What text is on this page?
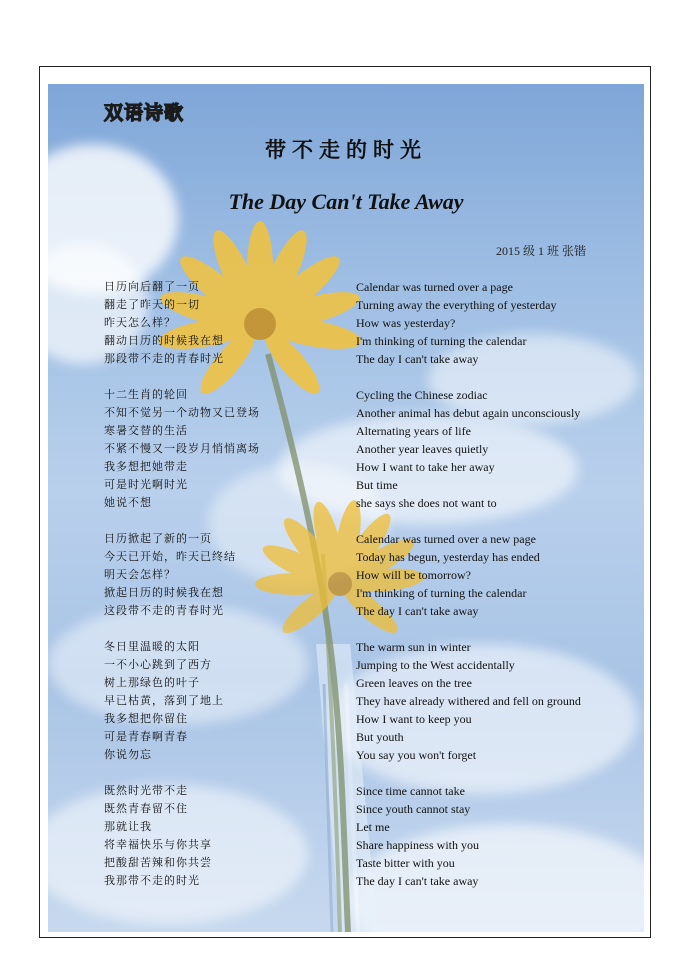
双语诗歌
带不走的时光
The Day Can't Take Away
2015 级 1 班 张锴
日历向后翻了一页
翻走了昨天的一切
昨天怎么样？
翻动日历的时候我在想
那段带不走的青春时光
十二生肖的轮回
不知不觉另一个动物又已登场
寒暑交替的生活
不紧不慢又一段岁月悄悄离场
我多想把她带走
可是时光啊时光
她说不想
日历掀起了新的一页
今天已开始，昨天已终结
明天会怎样？
掀起日历的时候我在想
这段带不走的青春时光
冬日里温暖的太阳
一不小心跳到了西方
树上那绿色的叶子
早已枯黄，落到了地上
我多想把你留住
可是青春啊青春
你说勿忘
既然时光带不走
既然青春留不住
那就让我
将幸福快乐与你共享
把酸甜苦辣和你共尝
我那带不走的时光
Calendar was turned over a page
Turning away the everything of yesterday
How was yesterday?
I'm thinking of turning the calendar
The day I can't take away
Cycling the Chinese zodiac
Another animal has debut again unconsciously
Alternating years of life
Another year leaves quietly
How I want to take her away
But time
she says she does not want to
Calendar was turned over a new page
Today has begun, yesterday has ended
How will be tomorrow?
I'm thinking of turning the calendar
The day I can't take away
The warm sun in winter
Jumping to the West accidentally
Green leaves on the tree
They have already withered and fell on ground
How I want to keep you
But youth
You say you won't forget
Since time cannot take
Since youth cannot stay
Let me
Share happiness with you
Taste bitter with you
The day I can't take away
